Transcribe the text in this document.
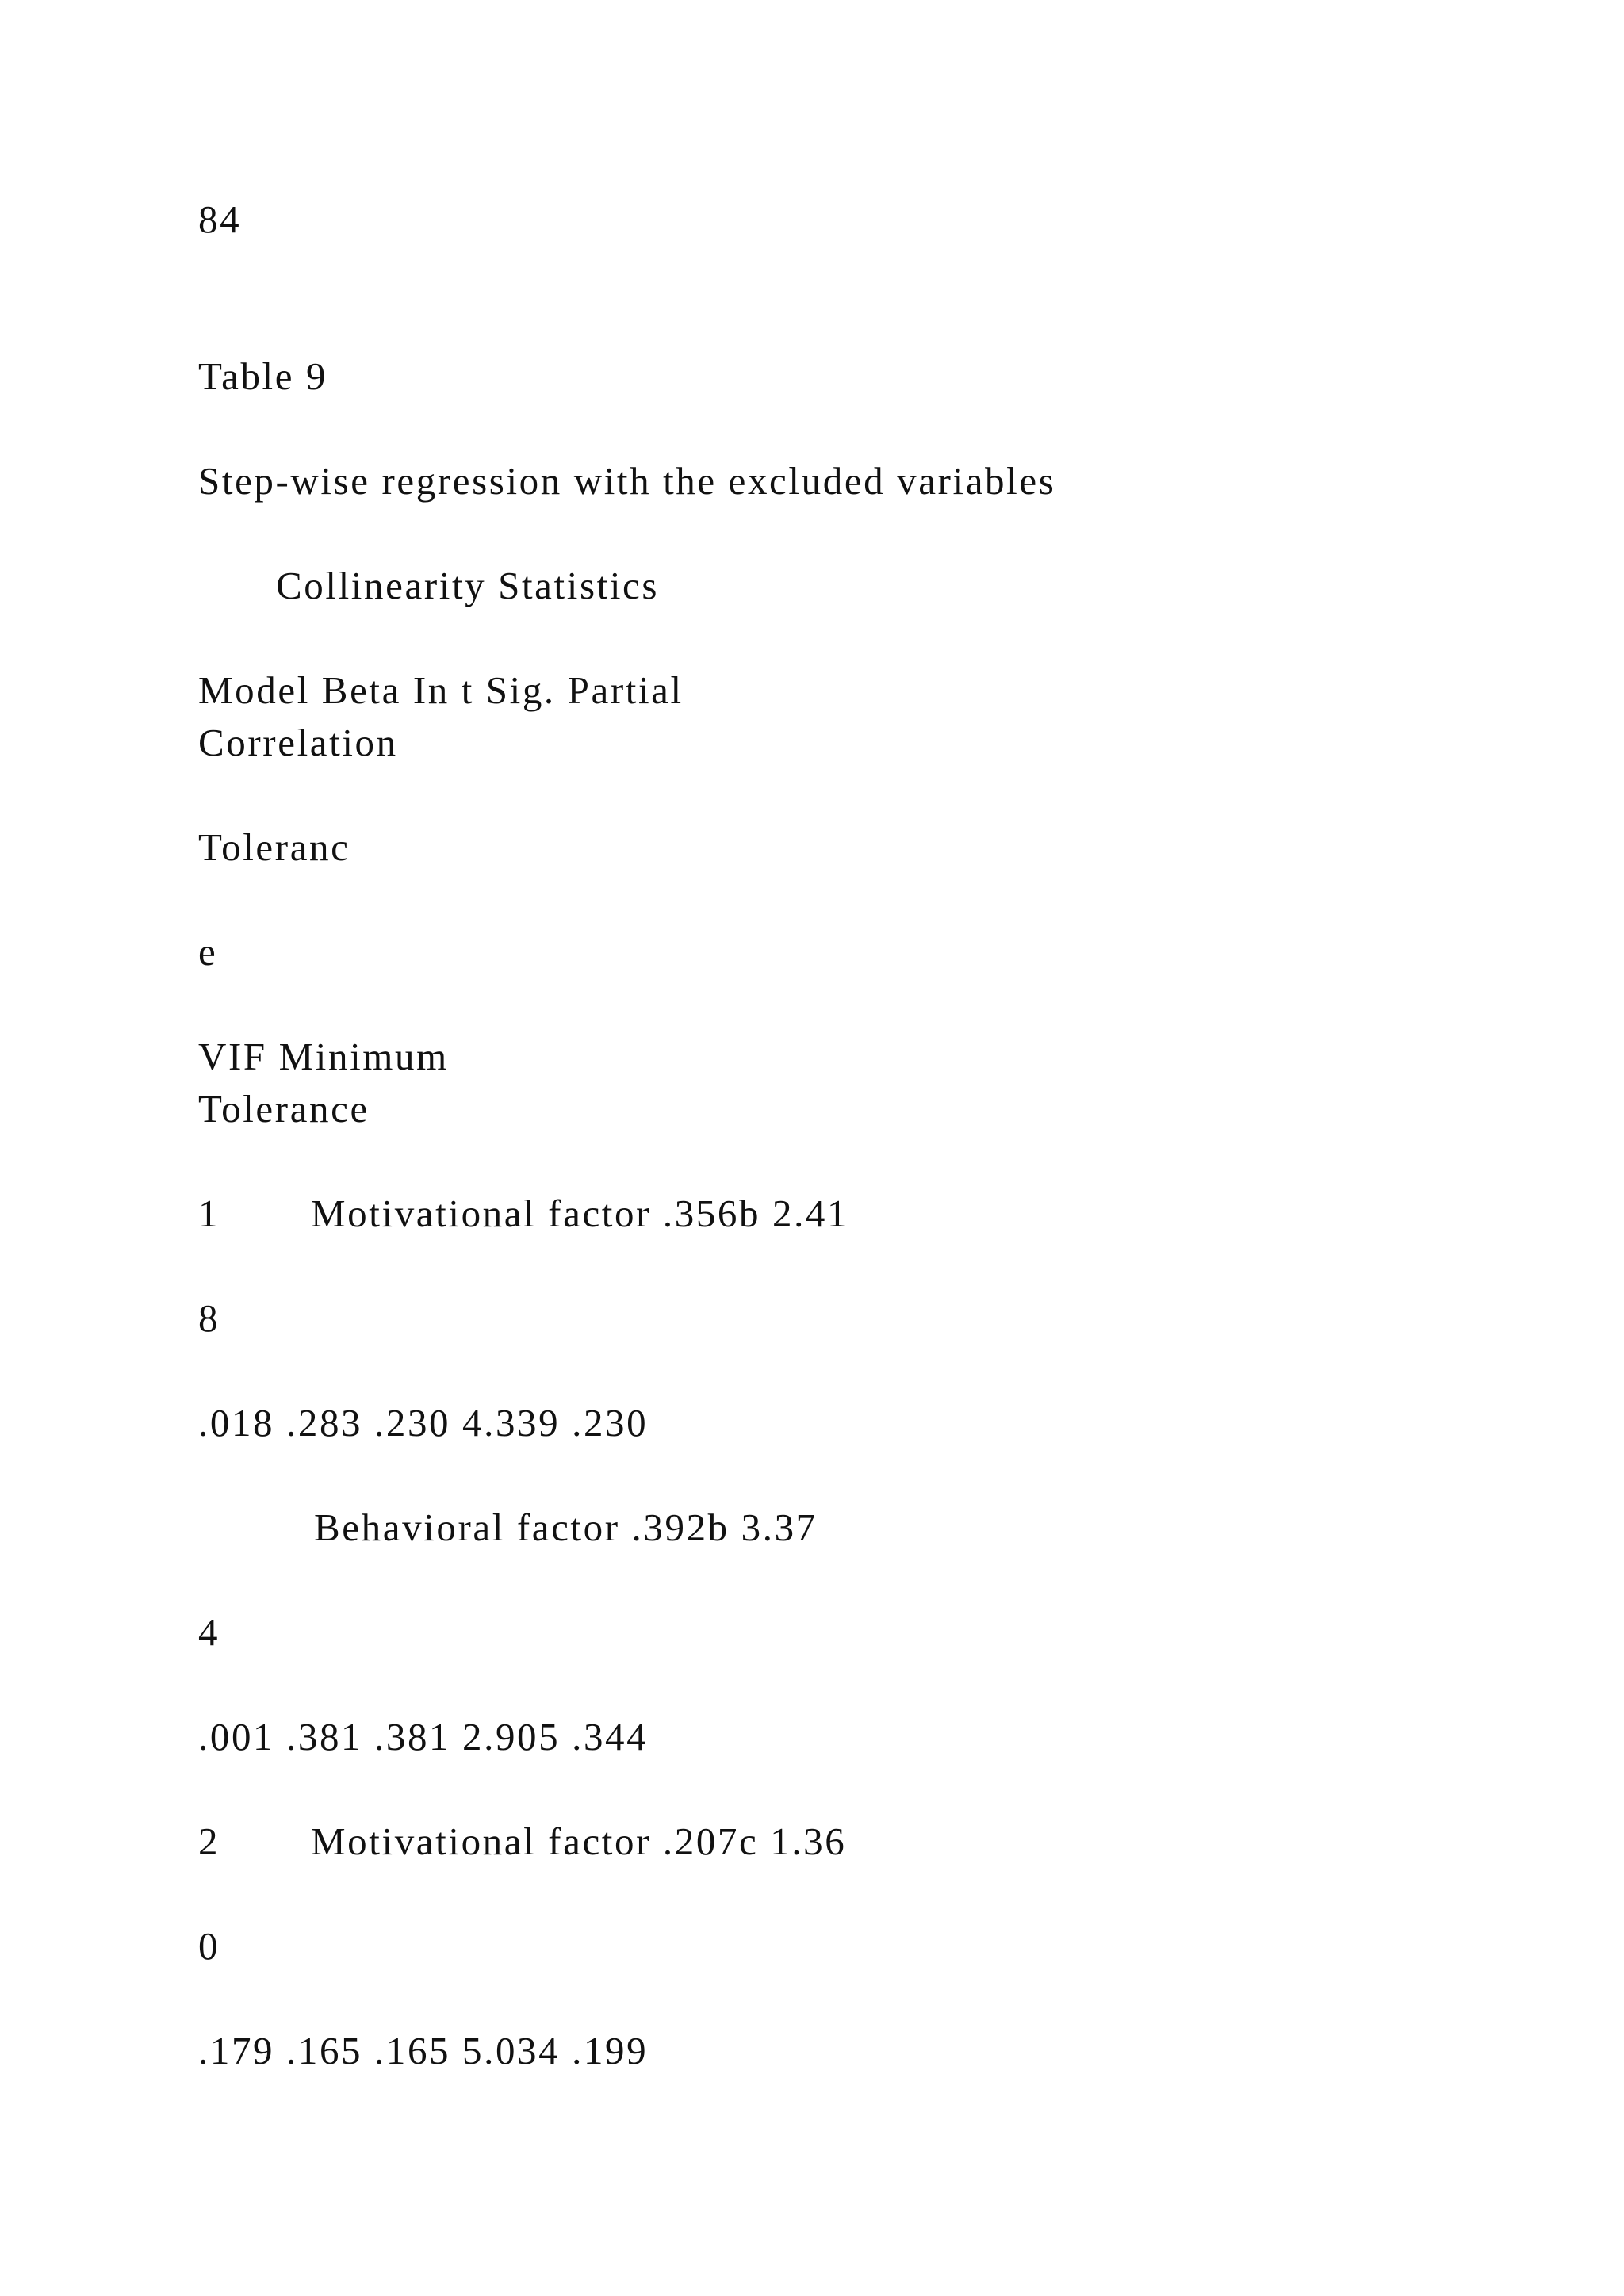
84

Table 9

Step-wise regression with the excluded variables

Collinearity Statistics

Model Beta In t Sig. Partial

Correlation

Toleranc

e

VIF Minimum

Tolerance

1 Motivational factor .356b 2.41

8

.018 .283 .230 4.339 .230

Behavioral factor .392b 3.37

4

.001 .381 .381 2.905 .344

2 Motivational factor .207c 1.36

0

.179 .165 .165 5.034 .199
